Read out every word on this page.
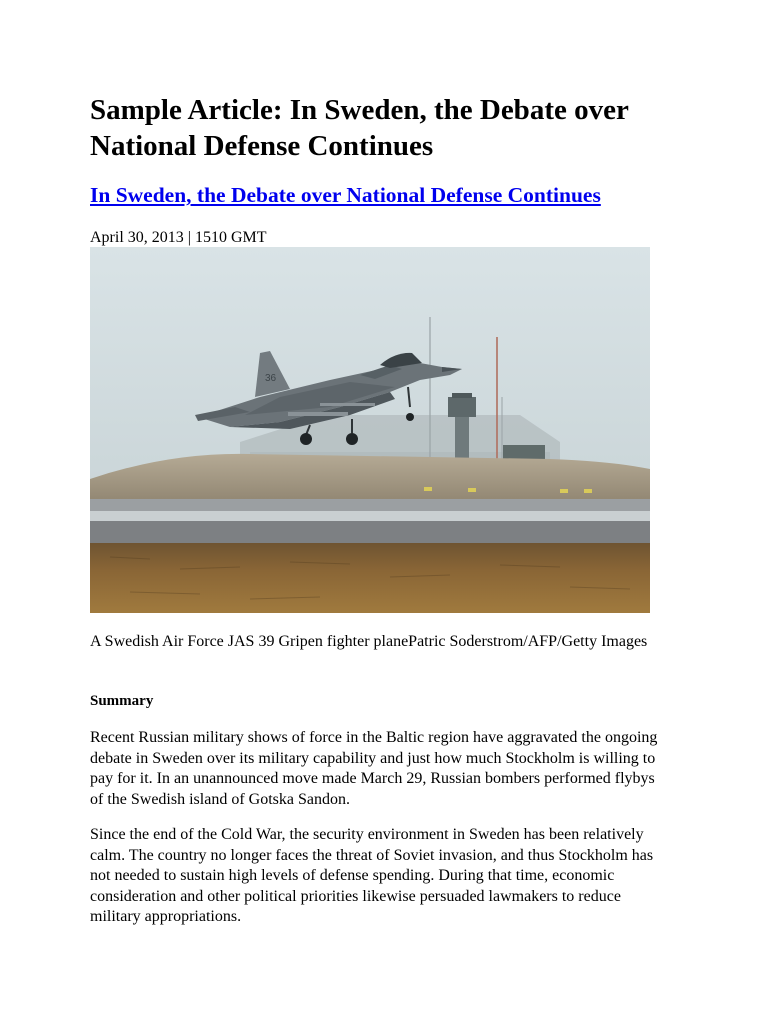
Sample Article: In Sweden, the Debate over National Defense Continues
In Sweden, the Debate over National Defense Continues
April 30, 2013 | 1510 GMT
36
A Swedish Air Force JAS 39 Gripen fighter planePatric Soderstrom/AFP/Getty Images
Summary

Recent Russian military shows of force in the Baltic region have aggravated the ongoing debate in Sweden over its military capability and just how much Stockholm is willing to pay for it. In an unannounced move made March 29, Russian bombers performed flybys of the Swedish island of Gotska Sandon.

Since the end of the Cold War, the security environment in Sweden has been relatively calm. The country no longer faces the threat of Soviet invasion, and thus Stockholm has not needed to sustain high levels of defense spending. During that time, economic consideration and other political priorities likewise persuaded lawmakers to reduce military appropriations.
